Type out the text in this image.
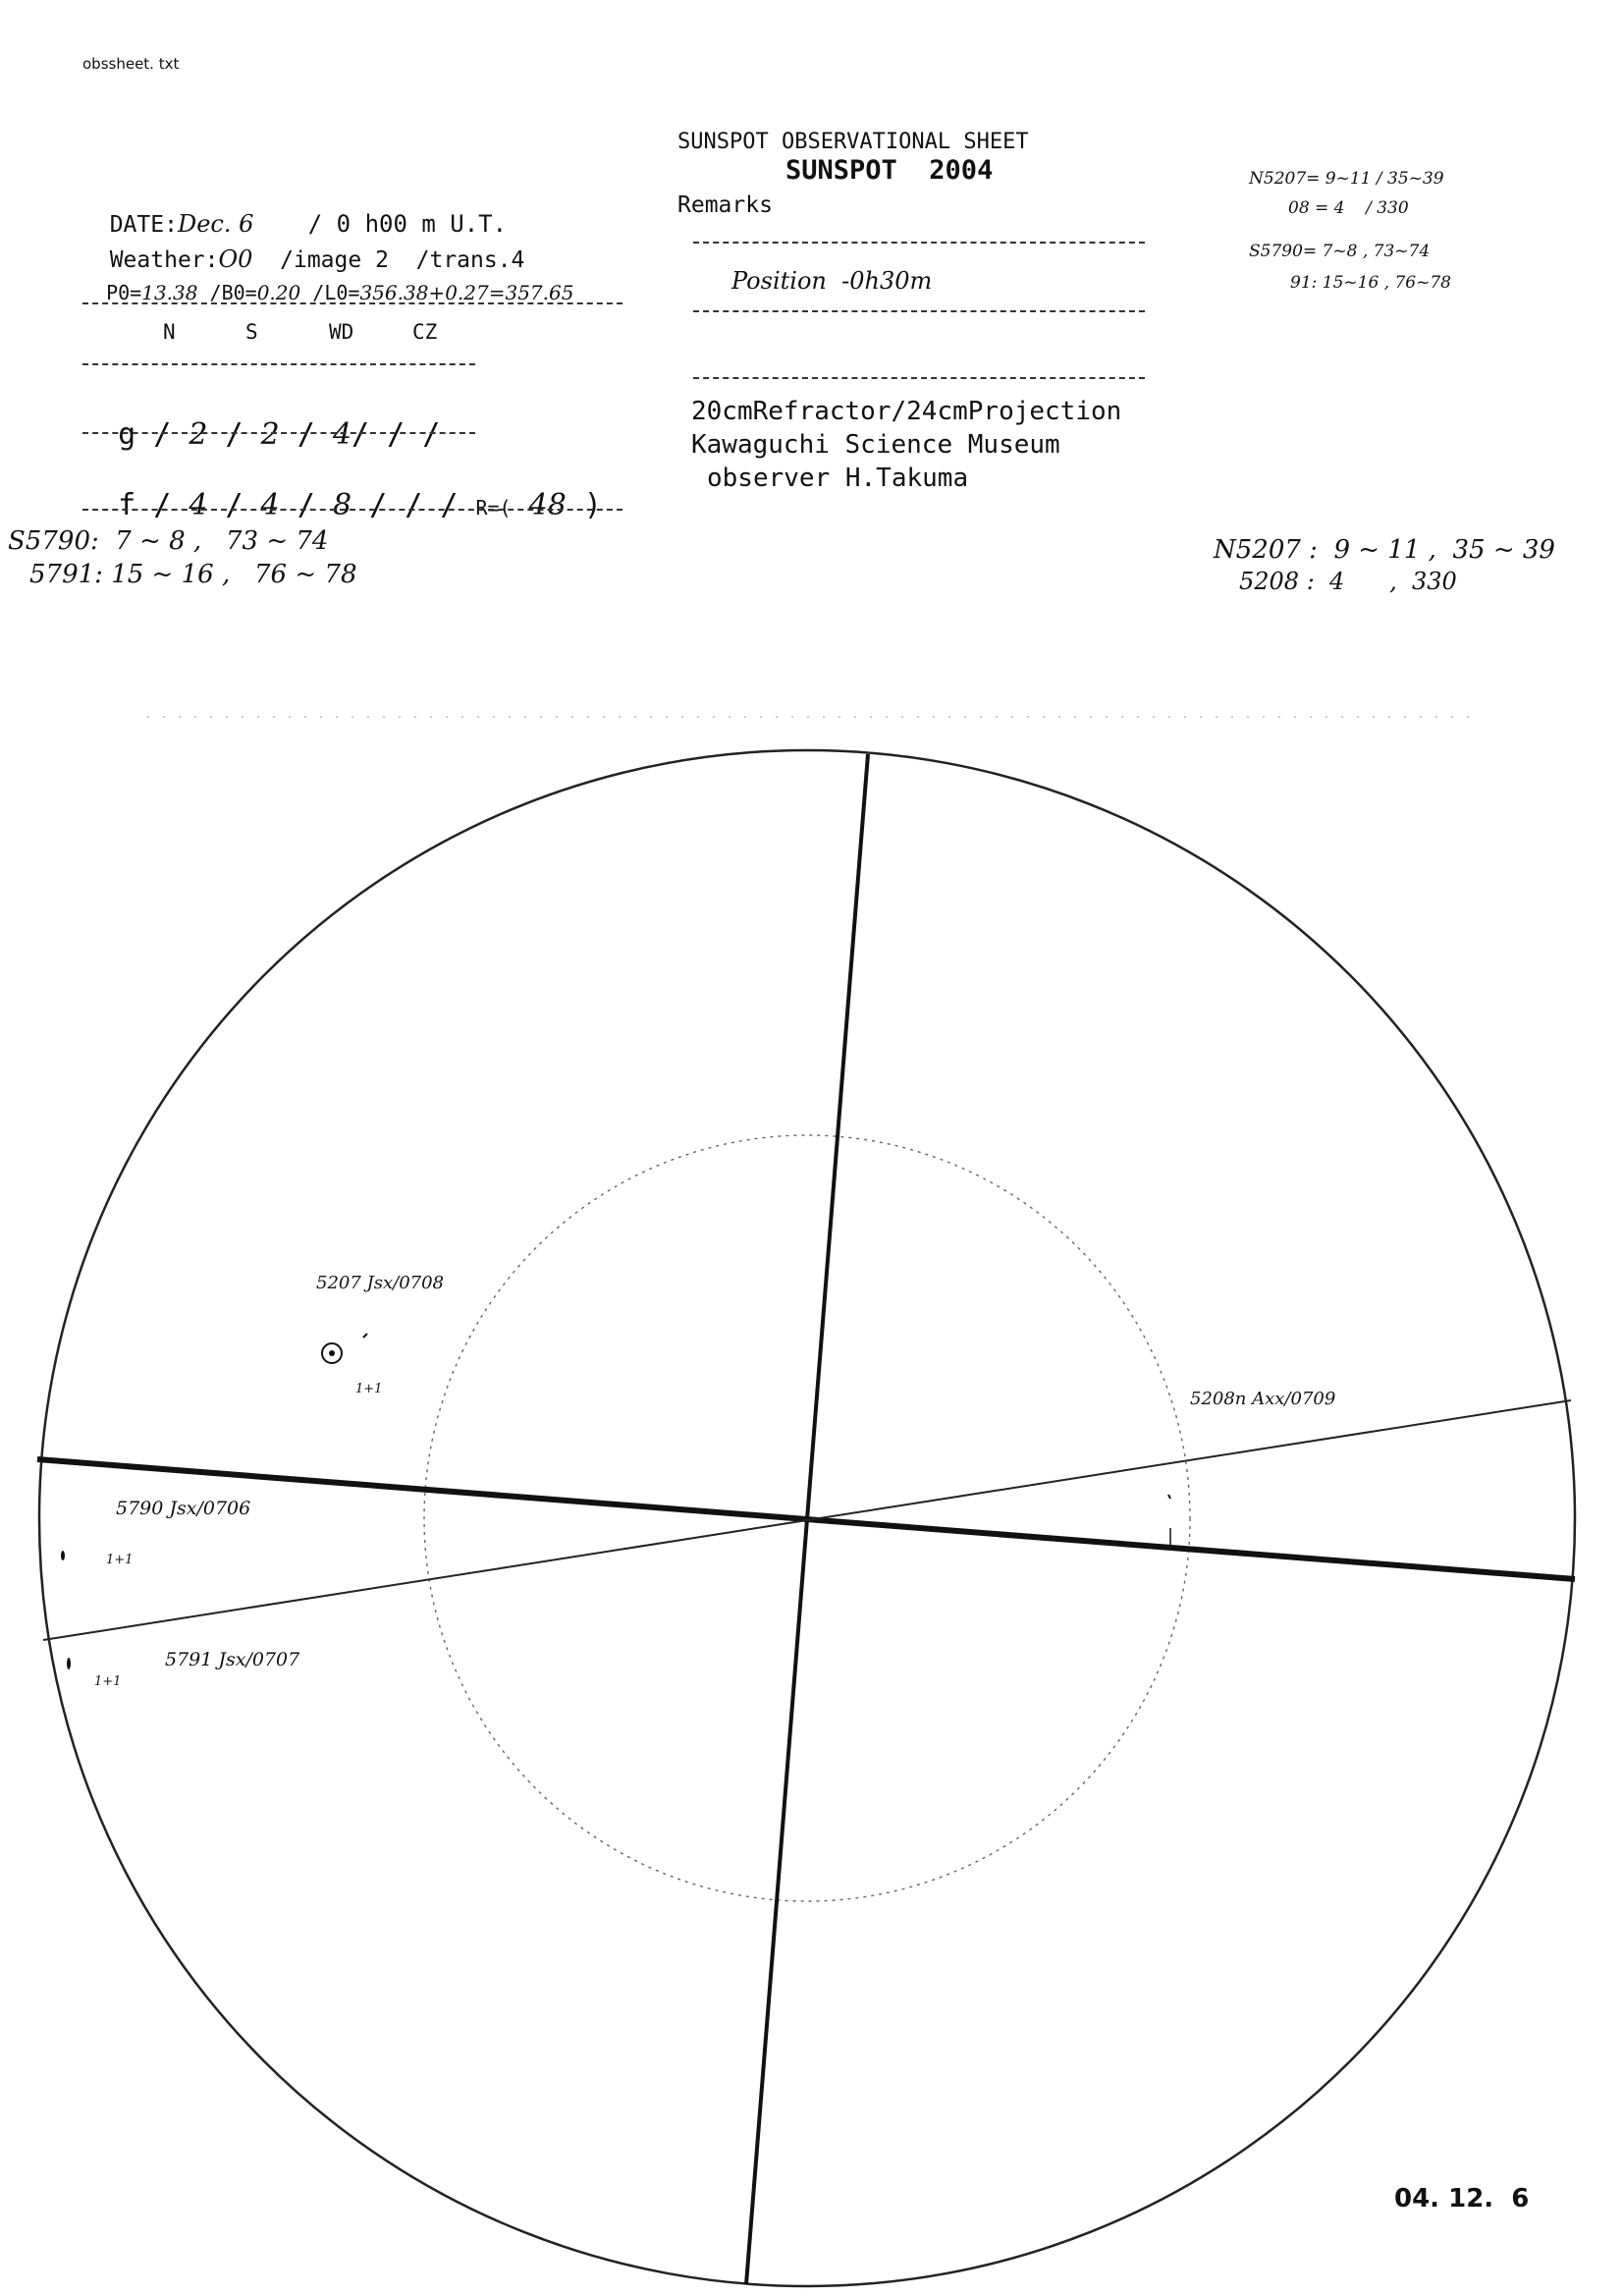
obssheet. txt
SUNSPOT OBSERVATIONAL SHEET
SUNSPOT  2004
Remarks

DATE:Dec. 6 / 0 h00 m U.T.

Weather:O0 /image 2 /trans.4

P0=13.38 /B0=0.20 /L0=356.38+0.27=357.65

N	S	WD	CZ

g / 2 / 2 / 4/ / /

f / 4 / 4 / 8 / / / R=( 48 )

Position  -0h30m
20cmRefractor/24cmProjection
Kawaguchi Science Museum
observer H.Takuma
N5207= 9~11 / 35~39
08 = 4    / 330
S5790= 7~8 , 73~74
91: 15~16 , 76~78
S5790:  7 ~ 8 ,   73 ~ 74
5791: 15 ~ 16 ,   76 ~ 78
N5207 :  9 ~ 11 ,  35 ~ 39
5208 :  4      ,  330
5207 Jsx/0708
1+1	5208n Axx/0709
5790 Jsx/0706
1+1
5791 Jsx/0707
1+1
04. 12.  6
